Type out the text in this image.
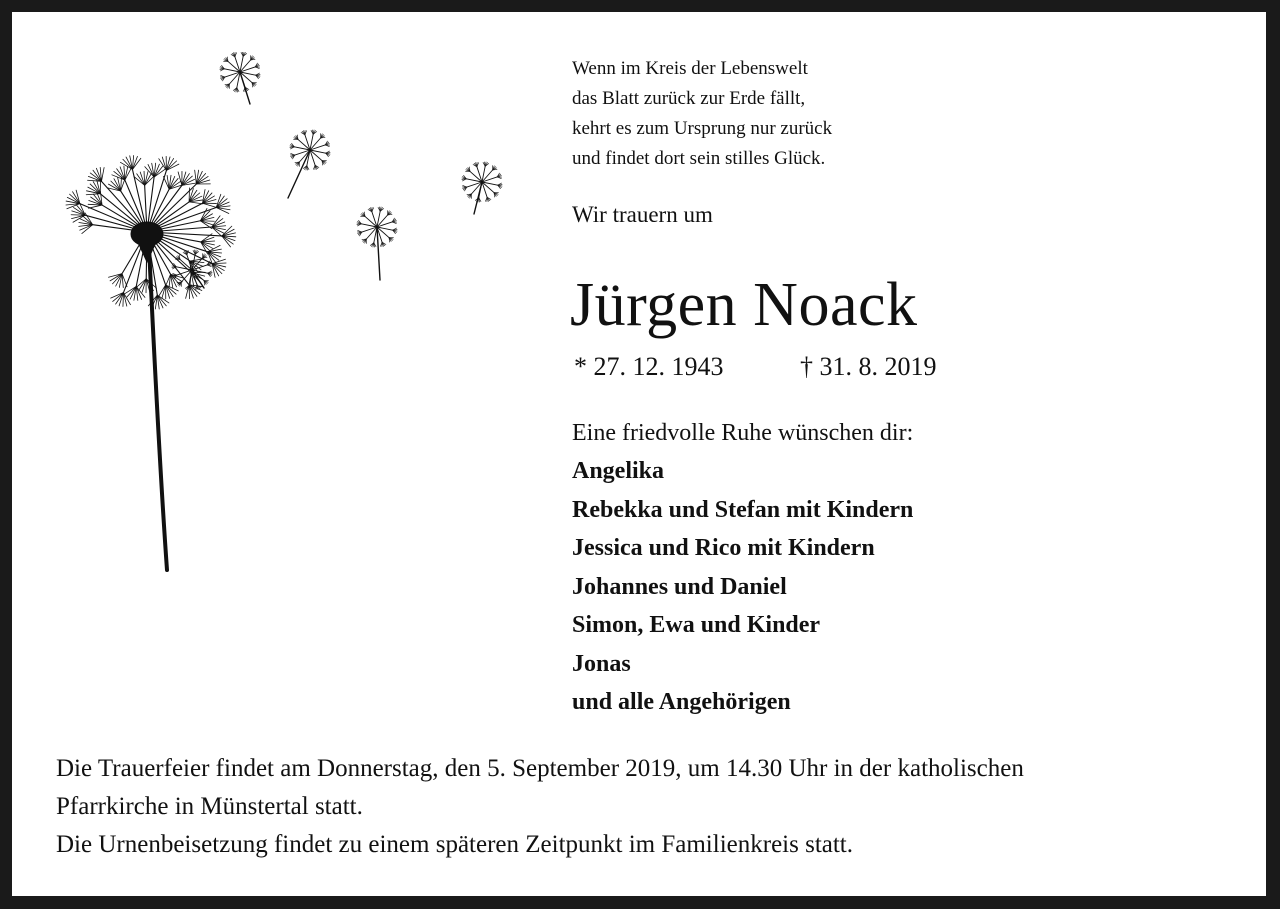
Wenn im Kreis der Lebenswelt
das Blatt zurück zur Erde fällt,
kehrt es zum Ursprung nur zurück
und findet dort sein stilles Glück.
Wir trauern um
Jürgen Noack
* 27. 12. 1943	† 31. 8. 2019
Eine friedvolle Ruhe wünschen dir:
Angelika
Rebekka und Stefan mit Kindern
Jessica und Rico mit Kindern
Johannes und Daniel
Simon, Ewa und Kinder
Jonas
und alle Angehörigen
Die Trauerfeier findet am Donnerstag, den 5. September 2019, um 14.30 Uhr in der katholischen
Pfarrkirche in Münstertal statt.
Die Urnenbeisetzung findet zu einem späteren Zeitpunkt im Familienkreis statt.
